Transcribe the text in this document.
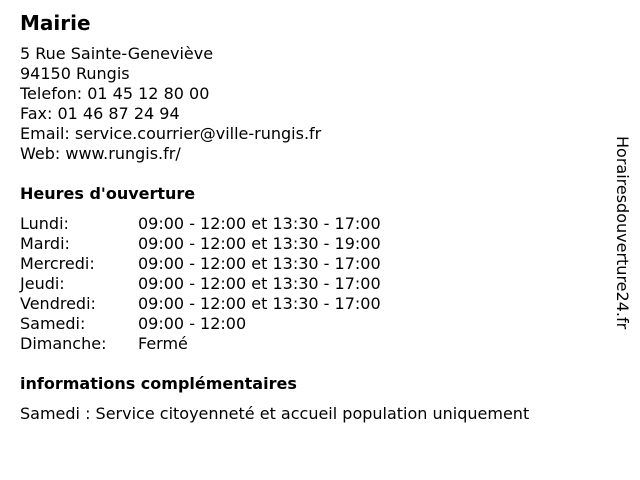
Mairie
5 Rue Sainte-Geneviève
94150 Rungis
Telefon: 01 45 12 80 00
Fax: 01 46 87 24 94
Email: service.courrier@ville-rungis.fr
Web: www.rungis.fr/
Heures d'ouverture
Lundi:	09:00 - 12:00 et 13:30 - 17:00
Mardi:	09:00 - 12:00 et 13:30 - 19:00
Mercredi:	09:00 - 12:00 et 13:30 - 17:00
Jeudi:	09:00 - 12:00 et 13:30 - 17:00
Vendredi:	09:00 - 12:00 et 13:30 - 17:00
Samedi:	09:00 - 12:00
Dimanche:	Fermé
informations complémentaires
Samedi : Service citoyenneté et accueil population uniquement
Horairesdouverture24.fr
